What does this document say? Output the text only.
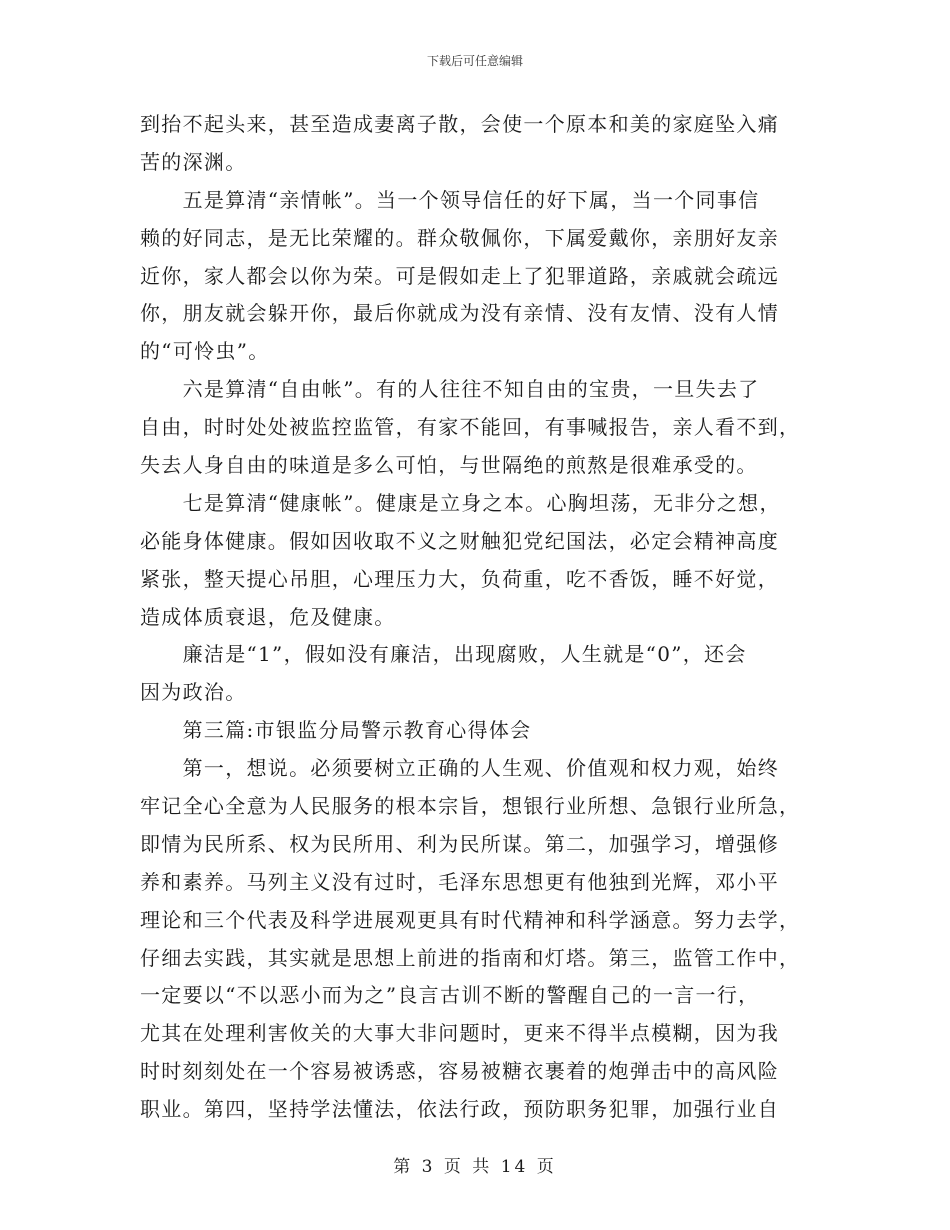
下载后可任意编辑
到抬不起头来，甚至造成妻离子散，会使一个原本和美的家庭坠入痛
苦的深渊。
　　五是算清“亲情帐”。当一个领导信任的好下属，当一个同事信
赖的好同志，是无比荣耀的。群众敬佩你，下属爱戴你，亲朋好友亲
近你，家人都会以你为荣。可是假如走上了犯罪道路，亲戚就会疏远
你，朋友就会躲开你，最后你就成为没有亲情、没有友情、没有人情
的“可怜虫”。
　　六是算清“自由帐”。有的人往往不知自由的宝贵，一旦失去了
自由，时时处处被监控监管，有家不能回，有事喊报告，亲人看不到，
失去人身自由的味道是多么可怕，与世隔绝的煎熬是很难承受的。
　　七是算清“健康帐”。健康是立身之本。心胸坦荡，无非分之想，
必能身体健康。假如因收取不义之财触犯党纪国法，必定会精神高度
紧张，整天提心吊胆，心理压力大，负荷重，吃不香饭，睡不好觉，
造成体质衰退，危及健康。
　　廉洁是“1”，假如没有廉洁，出现腐败，人生就是“0”，还会
因为政治。
　　第三篇:市银监分局警示教育心得体会
　　第一，想说。必须要树立正确的人生观、价值观和权力观，始终
牢记全心全意为人民服务的根本宗旨，想银行业所想、急银行业所急，
即情为民所系、权为民所用、利为民所谋。第二，加强学习，增强修
养和素养。马列主义没有过时，毛泽东思想更有他独到光辉，邓小平
理论和三个代表及科学进展观更具有时代精神和科学涵意。努力去学，
仔细去实践，其实就是思想上前进的指南和灯塔。第三，监管工作中，
一定要以“不以恶小而为之”良言古训不断的警醒自己的一言一行，
尤其在处理利害攸关的大事大非问题时，更来不得半点模糊，因为我
时时刻刻处在一个容易被诱惑，容易被糖衣裹着的炮弹击中的高风险
职业。第四，坚持学法懂法，依法行政，预防职务犯罪，加强行业自
第 3 页 共 14 页
